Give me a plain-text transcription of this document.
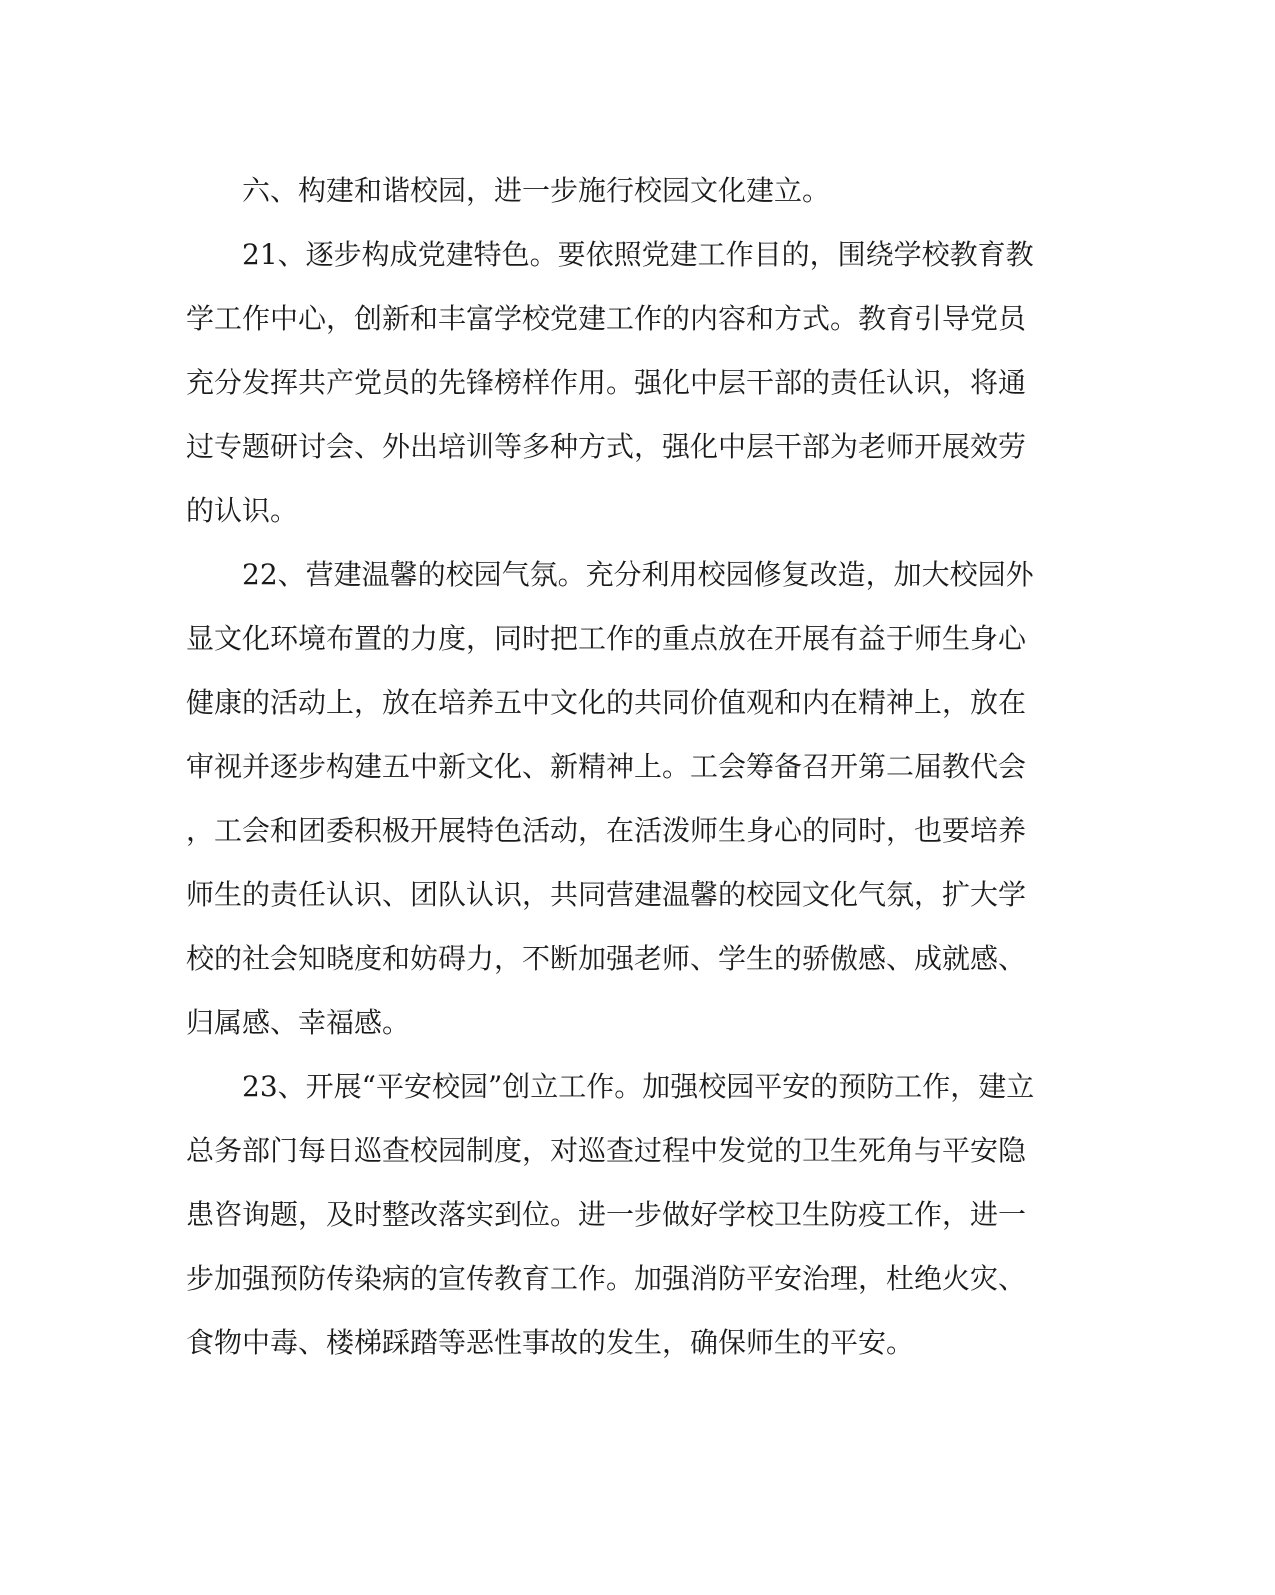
六、构建和谐校园，进一步施行校园文化建立。
21、逐步构成党建特色。要依照党建工作目的，围绕学校教育教
学工作中心，创新和丰富学校党建工作的内容和方式。教育引导党员
充分发挥共产党员的先锋榜样作用。强化中层干部的责任认识，将通
过专题研讨会、外出培训等多种方式，强化中层干部为老师开展效劳
的认识。
22、营建温馨的校园气氛。充分利用校园修复改造，加大校园外
显文化环境布置的力度，同时把工作的重点放在开展有益于师生身心
健康的活动上，放在培养五中文化的共同价值观和内在精神上，放在
审视并逐步构建五中新文化、新精神上。工会筹备召开第二届教代会
，工会和团委积极开展特色活动，在活泼师生身心的同时，也要培养
师生的责任认识、团队认识，共同营建温馨的校园文化气氛，扩大学
校的社会知晓度和妨碍力，不断加强老师、学生的骄傲感、成就感、
归属感、幸福感。
23、开展“平安校园”创立工作。加强校园平安的预防工作，建立
总务部门每日巡查校园制度，对巡查过程中发觉的卫生死角与平安隐
患咨询题，及时整改落实到位。进一步做好学校卫生防疫工作，进一
步加强预防传染病的宣传教育工作。加强消防平安治理，杜绝火灾、
食物中毒、楼梯踩踏等恶性事故的发生，确保师生的平安。
